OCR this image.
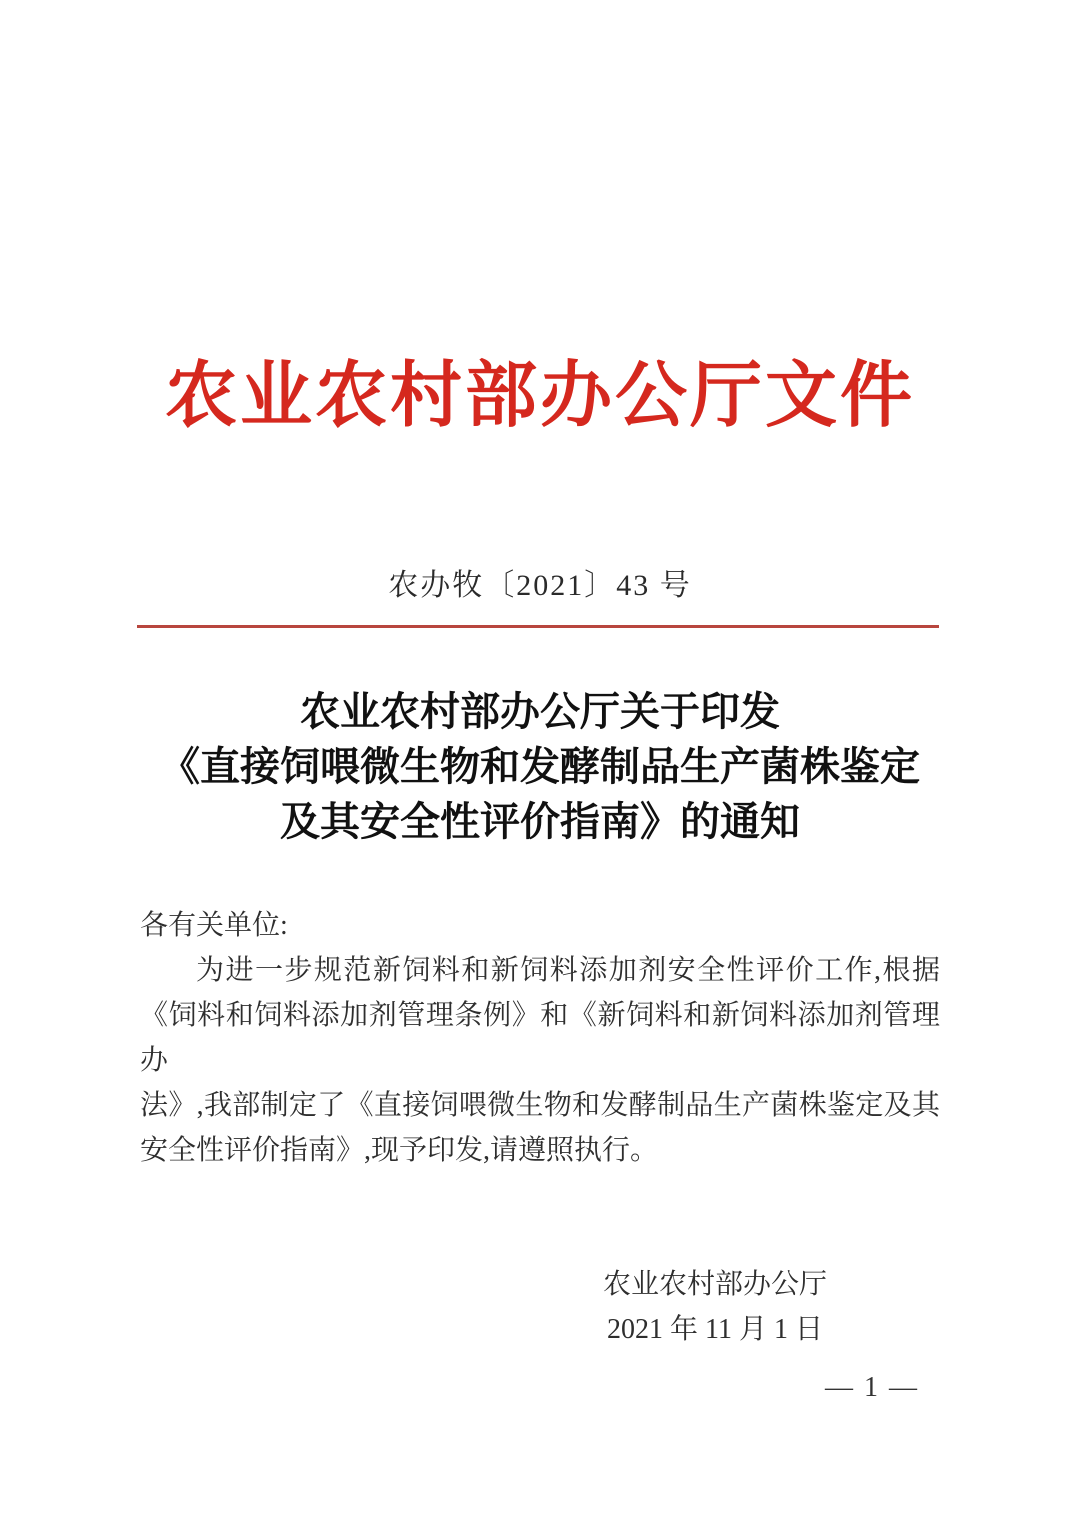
农业农村部办公厅文件
农办牧〔2021〕43 号
农业农村部办公厅关于印发
《直接饲喂微生物和发酵制品生产菌株鉴定
及其安全性评价指南》的通知
各有关单位:
为进一步规范新饲料和新饲料添加剂安全性评价工作,根据
《饲料和饲料添加剂管理条例》和《新饲料和新饲料添加剂管理办
法》,我部制定了《直接饲喂微生物和发酵制品生产菌株鉴定及其
安全性评价指南》,现予印发,请遵照执行。
农业农村部办公厅
2021 年 11 月 1 日
— 1 —
